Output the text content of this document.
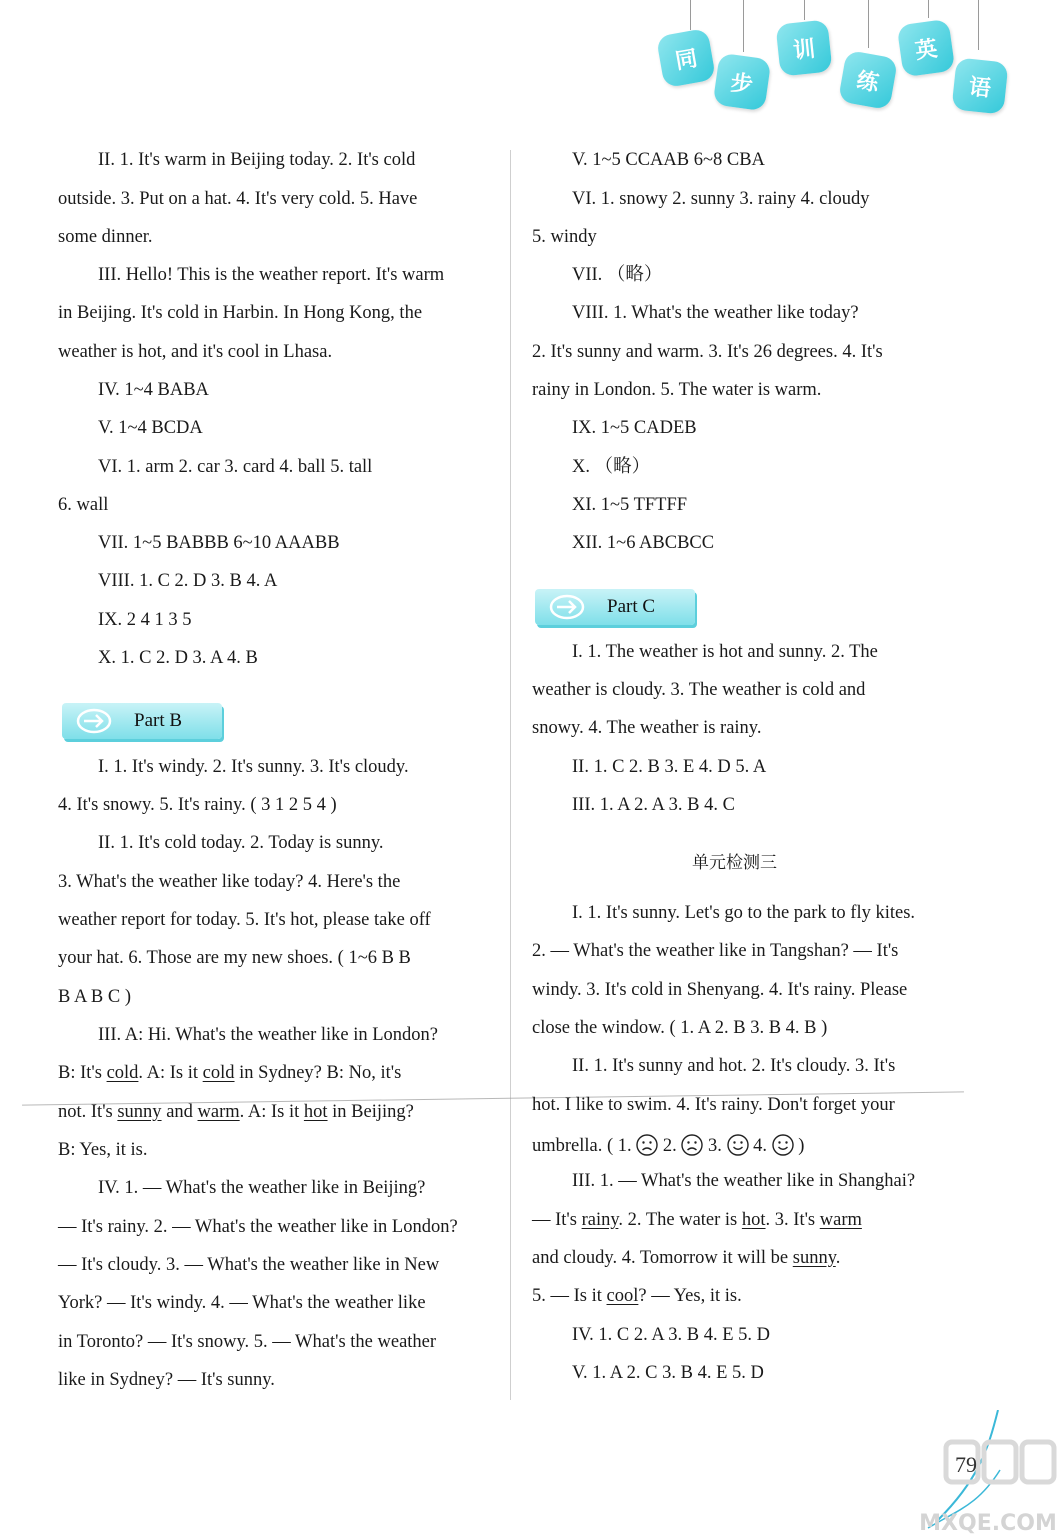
同
步
训
练
英
语
II. 1. It's warm in Beijing today. 2. It's cold
outside. 3. Put on a hat. 4. It's very cold. 5. Have
some dinner.
III. Hello! This is the weather report. It's warm
in Beijing. It's cold in Harbin. In Hong Kong, the
weather is hot, and it's cool in Lhasa.
IV. 1~4 BABA
V. 1~4 BCDA
VI. 1. arm 2. car 3. card 4. ball 5. tall
6. wall
VII. 1~5 BABBB 6~10 AAABB
VIII. 1. C 2. D 3. B 4. A
IX. 2 4 1 3 5
X. 1. C 2. D 3. A 4. B
Part B
I. 1. It's windy. 2. It's sunny. 3. It's cloudy.
4. It's snowy. 5. It's rainy. ( 3 1 2 5 4 )
II. 1. It's cold today. 2. Today is sunny.
3. What's the weather like today? 4. Here's the
weather report for today. 5. It's hot, please take off
your hat. 6. Those are my new shoes. ( 1~6 B B
B A B C )
III. A: Hi. What's the weather like in London?
B: It's cold. A: Is it cold in Sydney? B: No, it's
not. It's sunny and warm. A: Is it hot in Beijing?
B: Yes, it is.
IV. 1. — What's the weather like in Beijing?
— It's rainy. 2. — What's the weather like in London?
— It's cloudy. 3. — What's the weather like in New
York? — It's windy. 4. — What's the weather like
in Toronto? — It's snowy. 5. — What's the weather
like in Sydney? — It's sunny.
V. 1~5 CCAAB 6~8 CBA
VI. 1. snowy 2. sunny 3. rainy 4. cloudy
5. windy
VII. （略）
VIII. 1. What's the weather like today?
2. It's sunny and warm. 3. It's 26 degrees. 4. It's
rainy in London. 5. The water is warm.
IX. 1~5 CADEB
X. （略）
XI. 1~5 TFTFF
XII. 1~6 ABCBCC
Part C
I. 1. The weather is hot and sunny. 2. The
weather is cloudy. 3. The weather is cold and
snowy. 4. The weather is rainy.
II. 1. C 2. B 3. E 4. D 5. A
III. 1. A 2. A 3. B 4. C
单元检测三
I. 1. It's sunny. Let's go to the park to fly kites.
2. — What's the weather like in Tangshan? — It's
windy. 3. It's cold in Shenyang. 4. It's rainy. Please
close the window. ( 1. A 2. B 3. B 4. B )
II. 1. It's sunny and hot. 2. It's cloudy. 3. It's
hot. I like to swim. 4. It's rainy. Don't forget your
umbrella. ( 1.  2.  3.  4.  )
III. 1. — What's the weather like in Shanghai?
— It's rainy. 2. The water is hot. 3. It's warm
and cloudy. 4. Tomorrow it will be sunny.
5. — Is it cool? — Yes, it is.
IV. 1. C 2. A 3. B 4. E 5. D
V. 1. A 2. C 3. B 4. E 5. D
MXQE.COM
79
